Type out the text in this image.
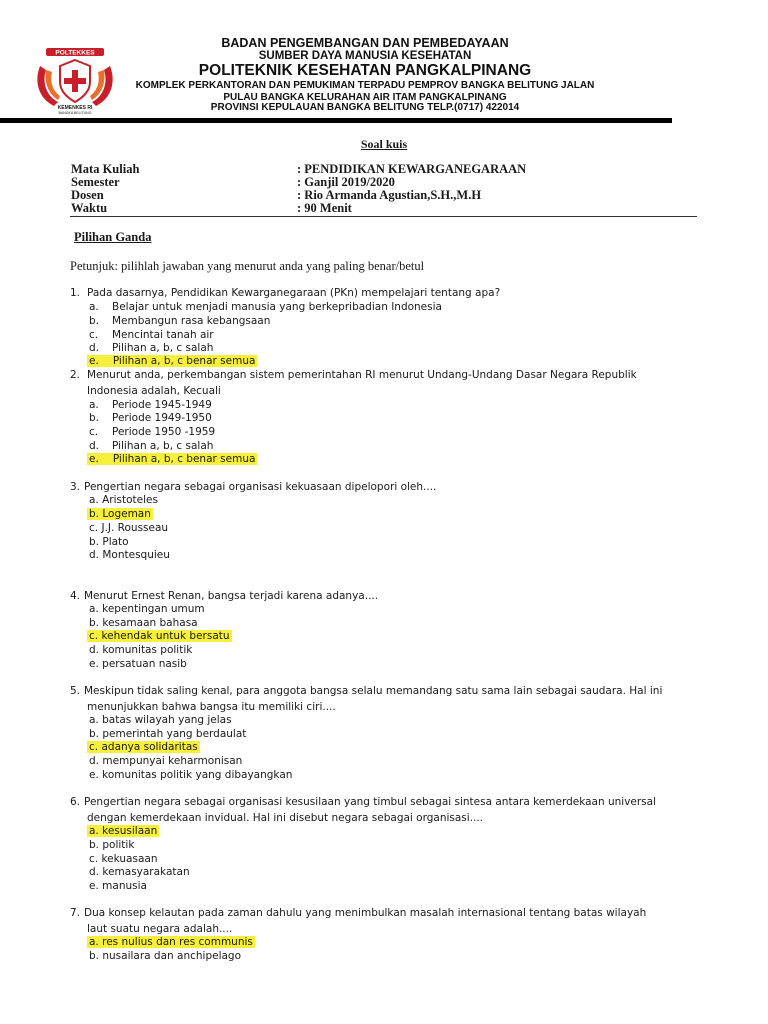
POLTEKKES
KEMENKES RI
BANGKA BELITUNG
BADAN PENGEMBANGAN DAN PEMBEDAYAAN
SUMBER DAYA MANUSIA KESEHATAN
POLITEKNIK KESEHATAN PANGKALPINANG
KOMPLEK PERKANTORAN DAN PEMUKIMAN TERPADU PEMPROV BANGKA BELITUNG JALAN
PULAU BANGKA KELURAHAN AIR ITAM PANGKALPINANG
PROVINSI KEPULAUAN BANGKA BELITUNG TELP.(0717) 422014
Soal kuis
Mata Kuliah	: PENDIDIKAN KEWARGANEGARAAN
Semester	: Ganjil 2019/2020
Dosen	: Rio Armanda Agustian,S.H.,M.H
Waktu	: 90 Menit
Pilihan Ganda
Petunjuk: pilihlah jawaban yang menurut anda yang paling benar/betul
1. Pada dasarnya, Pendidikan Kewarganegaraan (PKn) mempelajari tentang apa?
a. Belajar untuk menjadi manusia yang berkepribadian Indonesia
b. Membangun rasa kebangsaan
c. Mencintai tanah air
d. Pilihan a, b, c salah
e. Pilihan a, b, c benar semua
2. Menurut anda, perkembangan sistem pemerintahan RI menurut Undang-Undang Dasar Negara Republik
Indonesia adalah, Kecuali
a. Periode 1945-1949
b. Periode 1949-1950
c. Periode 1950 -1959
d. Pilihan a, b, c salah
e. Pilihan a, b, c benar semua
3. Pengertian negara sebagai organisasi kekuasaan dipelopori oleh....
a. Aristoteles
b. Logeman
c. J.J. Rousseau
b. Plato
d. Montesquieu
4. Menurut Ernest Renan, bangsa terjadi karena adanya....
a. kepentingan umum
b. kesamaan bahasa
c. kehendak untuk bersatu
d. komunitas politik
e. persatuan nasib
5. Meskipun tidak saling kenal, para anggota bangsa selalu memandang satu sama lain sebagai saudara. Hal ini
menunjukkan bahwa bangsa itu memiliki ciri....
a. batas wilayah yang jelas
b. pemerintah yang berdaulat
c. adanya solidaritas
d. mempunyai keharmonisan
e. komunitas politik yang dibayangkan
6. Pengertian negara sebagai organisasi kesusilaan yang timbul sebagai sintesa antara kemerdekaan universal
dengan kemerdekaan invidual. Hal ini disebut negara sebagai organisasi....
a. kesusilaan
b. politik
c. kekuasaan
d. kemasyarakatan
e. manusia
7. Dua konsep kelautan pada zaman dahulu yang menimbulkan masalah internasional tentang batas wilayah
laut suatu negara adalah....
a. res nulius dan res communis
b. nusailara dan anchipelago
